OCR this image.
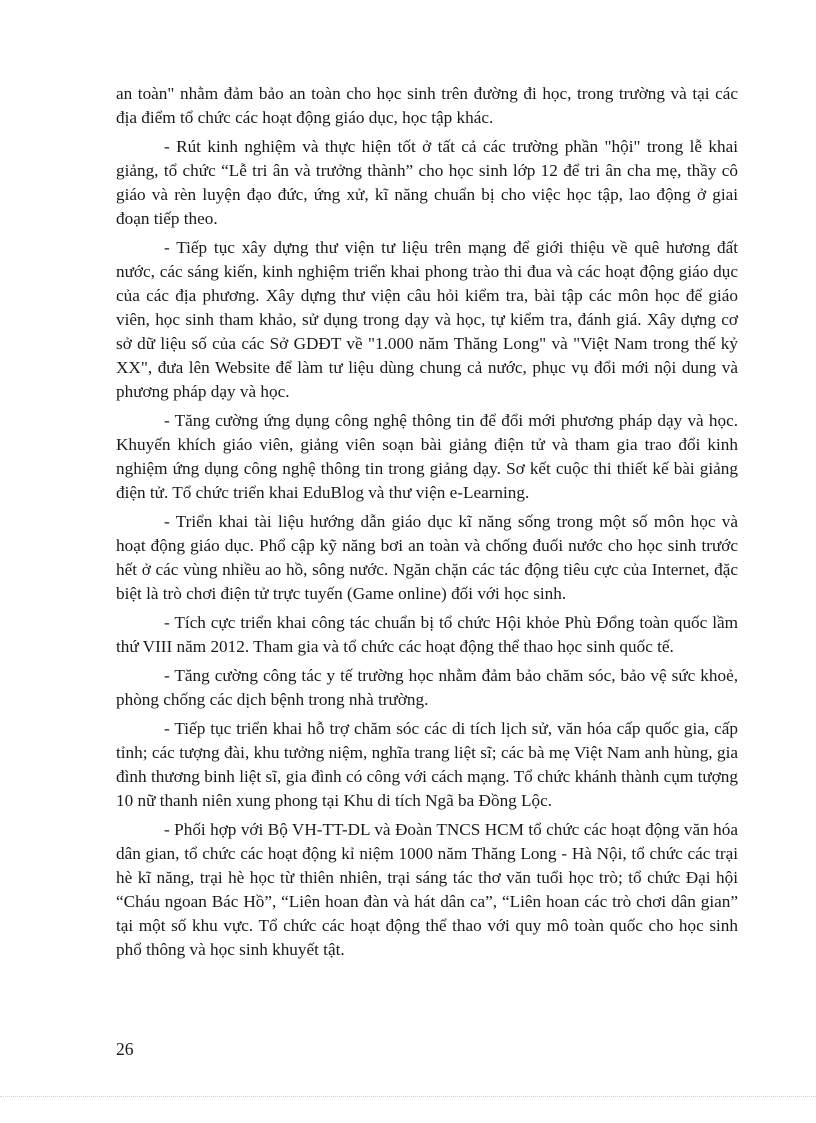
an toàn" nhằm đảm bảo an toàn cho học sinh trên đường đi học, trong trường và tại các địa điểm tổ chức các hoạt động giáo dục, học tập khác.

- Rút kinh nghiệm và thực hiện tốt ở tất cả các trường phần "hội" trong lễ khai giảng, tổ chức “Lễ tri ân và trưởng thành” cho học sinh lớp 12 để tri ân cha mẹ, thầy cô giáo và rèn luyện đạo đức, ứng xử, kĩ năng chuẩn bị cho việc học tập, lao động ở giai đoạn tiếp theo.

- Tiếp tục xây dựng thư viện tư liệu trên mạng để giới thiệu về quê hương đất nước, các sáng kiến, kinh nghiệm triển khai phong trào thi đua và các hoạt động giáo dục của các địa phương. Xây dựng thư viện câu hỏi kiểm tra, bài tập các môn học để giáo viên, học sinh tham khảo, sử dụng trong dạy và học, tự kiểm tra, đánh giá. Xây dựng cơ sở dữ liệu số của các Sở GDĐT về "1.000 năm Thăng Long" và "Việt Nam trong thế kỷ XX", đưa lên Website để làm tư liệu dùng chung cả nước, phục vụ đổi mới nội dung và phương pháp dạy và học.

- Tăng cường ứng dụng công nghệ thông tin để đổi mới phương pháp dạy và học. Khuyến khích giáo viên, giảng viên soạn bài giảng điện tử và tham gia trao đổi kinh nghiệm ứng dụng công nghệ thông tin trong giảng dạy. Sơ kết cuộc thi thiết kế bài giảng điện tử. Tổ chức triển khai EduBlog và thư viện e-Learning.

- Triển khai tài liệu hướng dẫn giáo dục kĩ năng sống trong một số môn học và hoạt động giáo dục. Phổ cập kỹ năng bơi an toàn và chống đuối nước cho học sinh trước hết ở các vùng nhiều ao hồ, sông nước. Ngăn chặn các tác động tiêu cực của Internet, đặc biệt là trò chơi điện tử trực tuyến (Game online) đối với học sinh.

- Tích cực triển khai công tác chuẩn bị tổ chức Hội khỏe Phù Đổng toàn quốc lầm thứ VIII năm 2012. Tham gia và tổ chức các hoạt động thể thao học sinh quốc tế.

- Tăng cường công tác y tế trường học nhằm đảm bảo chăm sóc, bảo vệ sức khoẻ, phòng chống các dịch bệnh trong nhà trường.

- Tiếp tục triển khai hỗ trợ chăm sóc các di tích lịch sử, văn hóa cấp quốc gia, cấp tỉnh; các tượng đài, khu tưởng niệm, nghĩa trang liệt sĩ; các bà mẹ Việt Nam anh hùng, gia đình thương binh liệt sĩ, gia đình có công với cách mạng. Tổ chức khánh thành cụm tượng 10 nữ thanh niên xung phong tại Khu di tích Ngã ba Đồng Lộc.

- Phối hợp với Bộ VH-TT-DL và Đoàn TNCS HCM tổ chức các hoạt động văn hóa dân gian, tổ chức các hoạt động kỉ niệm 1000 năm Thăng Long - Hà Nội, tổ chức các trại hè kĩ năng, trại hè học từ thiên nhiên, trại sáng tác thơ văn tuổi học trò; tổ chức Đại hội “Cháu ngoan Bác Hồ”, “Liên hoan đàn và hát dân ca”, “Liên hoan các trò chơi dân gian” tại một số khu vực. Tổ chức các hoạt động thể thao với quy mô toàn quốc cho học sinh phổ thông và học sinh khuyết tật.

26
